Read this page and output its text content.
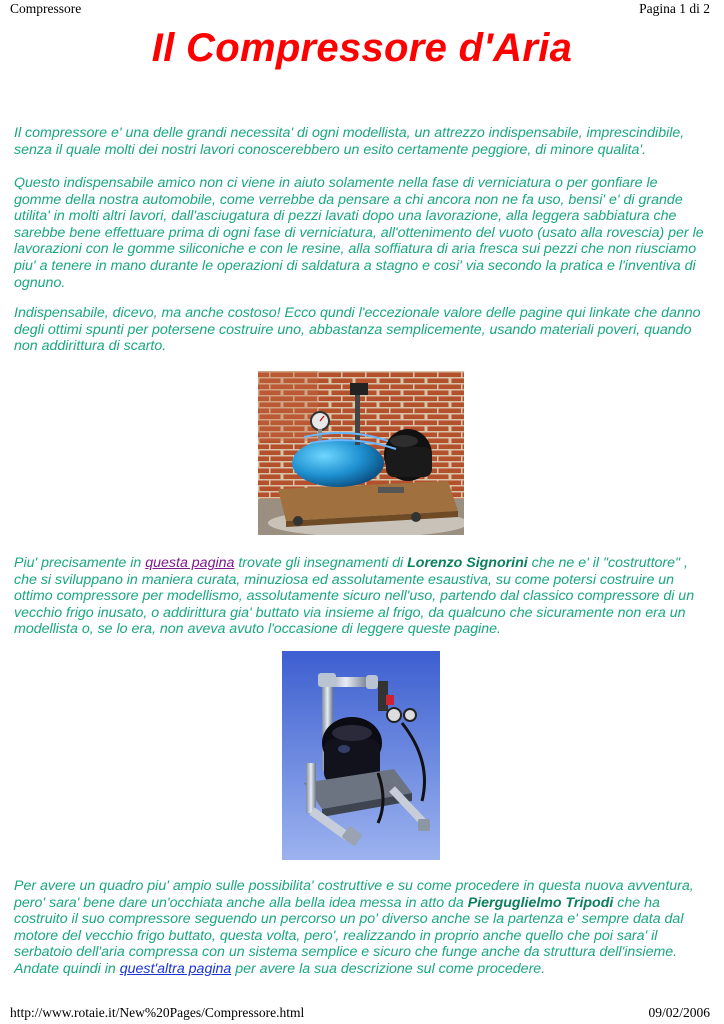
Compressore	Pagina 1 di 2
Il Compressore d'Aria

Il compressore e' una delle grandi necessita' di ogni modellista, un attrezzo indispensabile, imprescindibile, senza il quale molti dei nostri lavori conoscerebbero un esito certamente peggiore, di minore qualita'.

Questo indispensabile amico non ci viene in aiuto solamente nella fase di verniciatura o per gonfiare le gomme della nostra automobile, come verrebbe da pensare a chi ancora non ne fa uso, bensi' e' di grande utilita' in molti altri lavori, dall'asciugatura di pezzi lavati dopo una lavorazione, alla leggera sabbiatura che sarebbe bene effettuare prima di ogni fase di verniciatura, all'ottenimento del vuoto (usato alla rovescia) per le lavorazioni con le gomme siliconiche e con le resine, alla soffiatura di aria fresca sui pezzi che non riusciamo piu' a tenere in mano durante le operazioni di saldatura a stagno e cosi' via secondo la pratica e l'inventiva di ognuno.

Indispensabile, dicevo, ma anche costoso! Ecco qundi l'eccezionale valore delle pagine qui linkate che danno degli ottimi spunti per potersene costruire uno, abbastanza semplicemente, usando materiali poveri, quando non addirittura di scarto.

Piu' precisamente in questa pagina trovate gli insegnamenti di Lorenzo Signorini che ne e' il "costruttore" , che si sviluppano in maniera curata, minuziosa ed assolutamente esaustiva, su come potersi costruire un ottimo compressore per modellismo, assolutamente sicuro nell'uso, partendo dal classico compressore di un vecchio frigo inusato, o addirittura gia' buttato via insieme al frigo, da qualcuno che sicuramente non era un modellista o, se lo era, non aveva avuto l'occasione di leggere queste pagine.

Per avere un quadro piu' ampio sulle possibilita' costruttive e su come procedere in questa nuova avventura, pero' sara' bene dare un'occhiata anche alla bella idea messa in atto da Pierguglielmo Tripodi che ha costruito il suo compressore seguendo un percorso un po' diverso anche se la partenza e' sempre data dal motore del vecchio frigo buttato, questa volta, pero', realizzando in proprio anche quello che poi sara' il serbatoio dell'aria compressa con un sistema semplice e sicuro che funge anche da struttura dell'insieme. Andate quindi in quest'altra pagina per avere la sua descrizione sul come procedere.

http://www.rotaie.it/New%20Pages/Compressore.html	09/02/2006
